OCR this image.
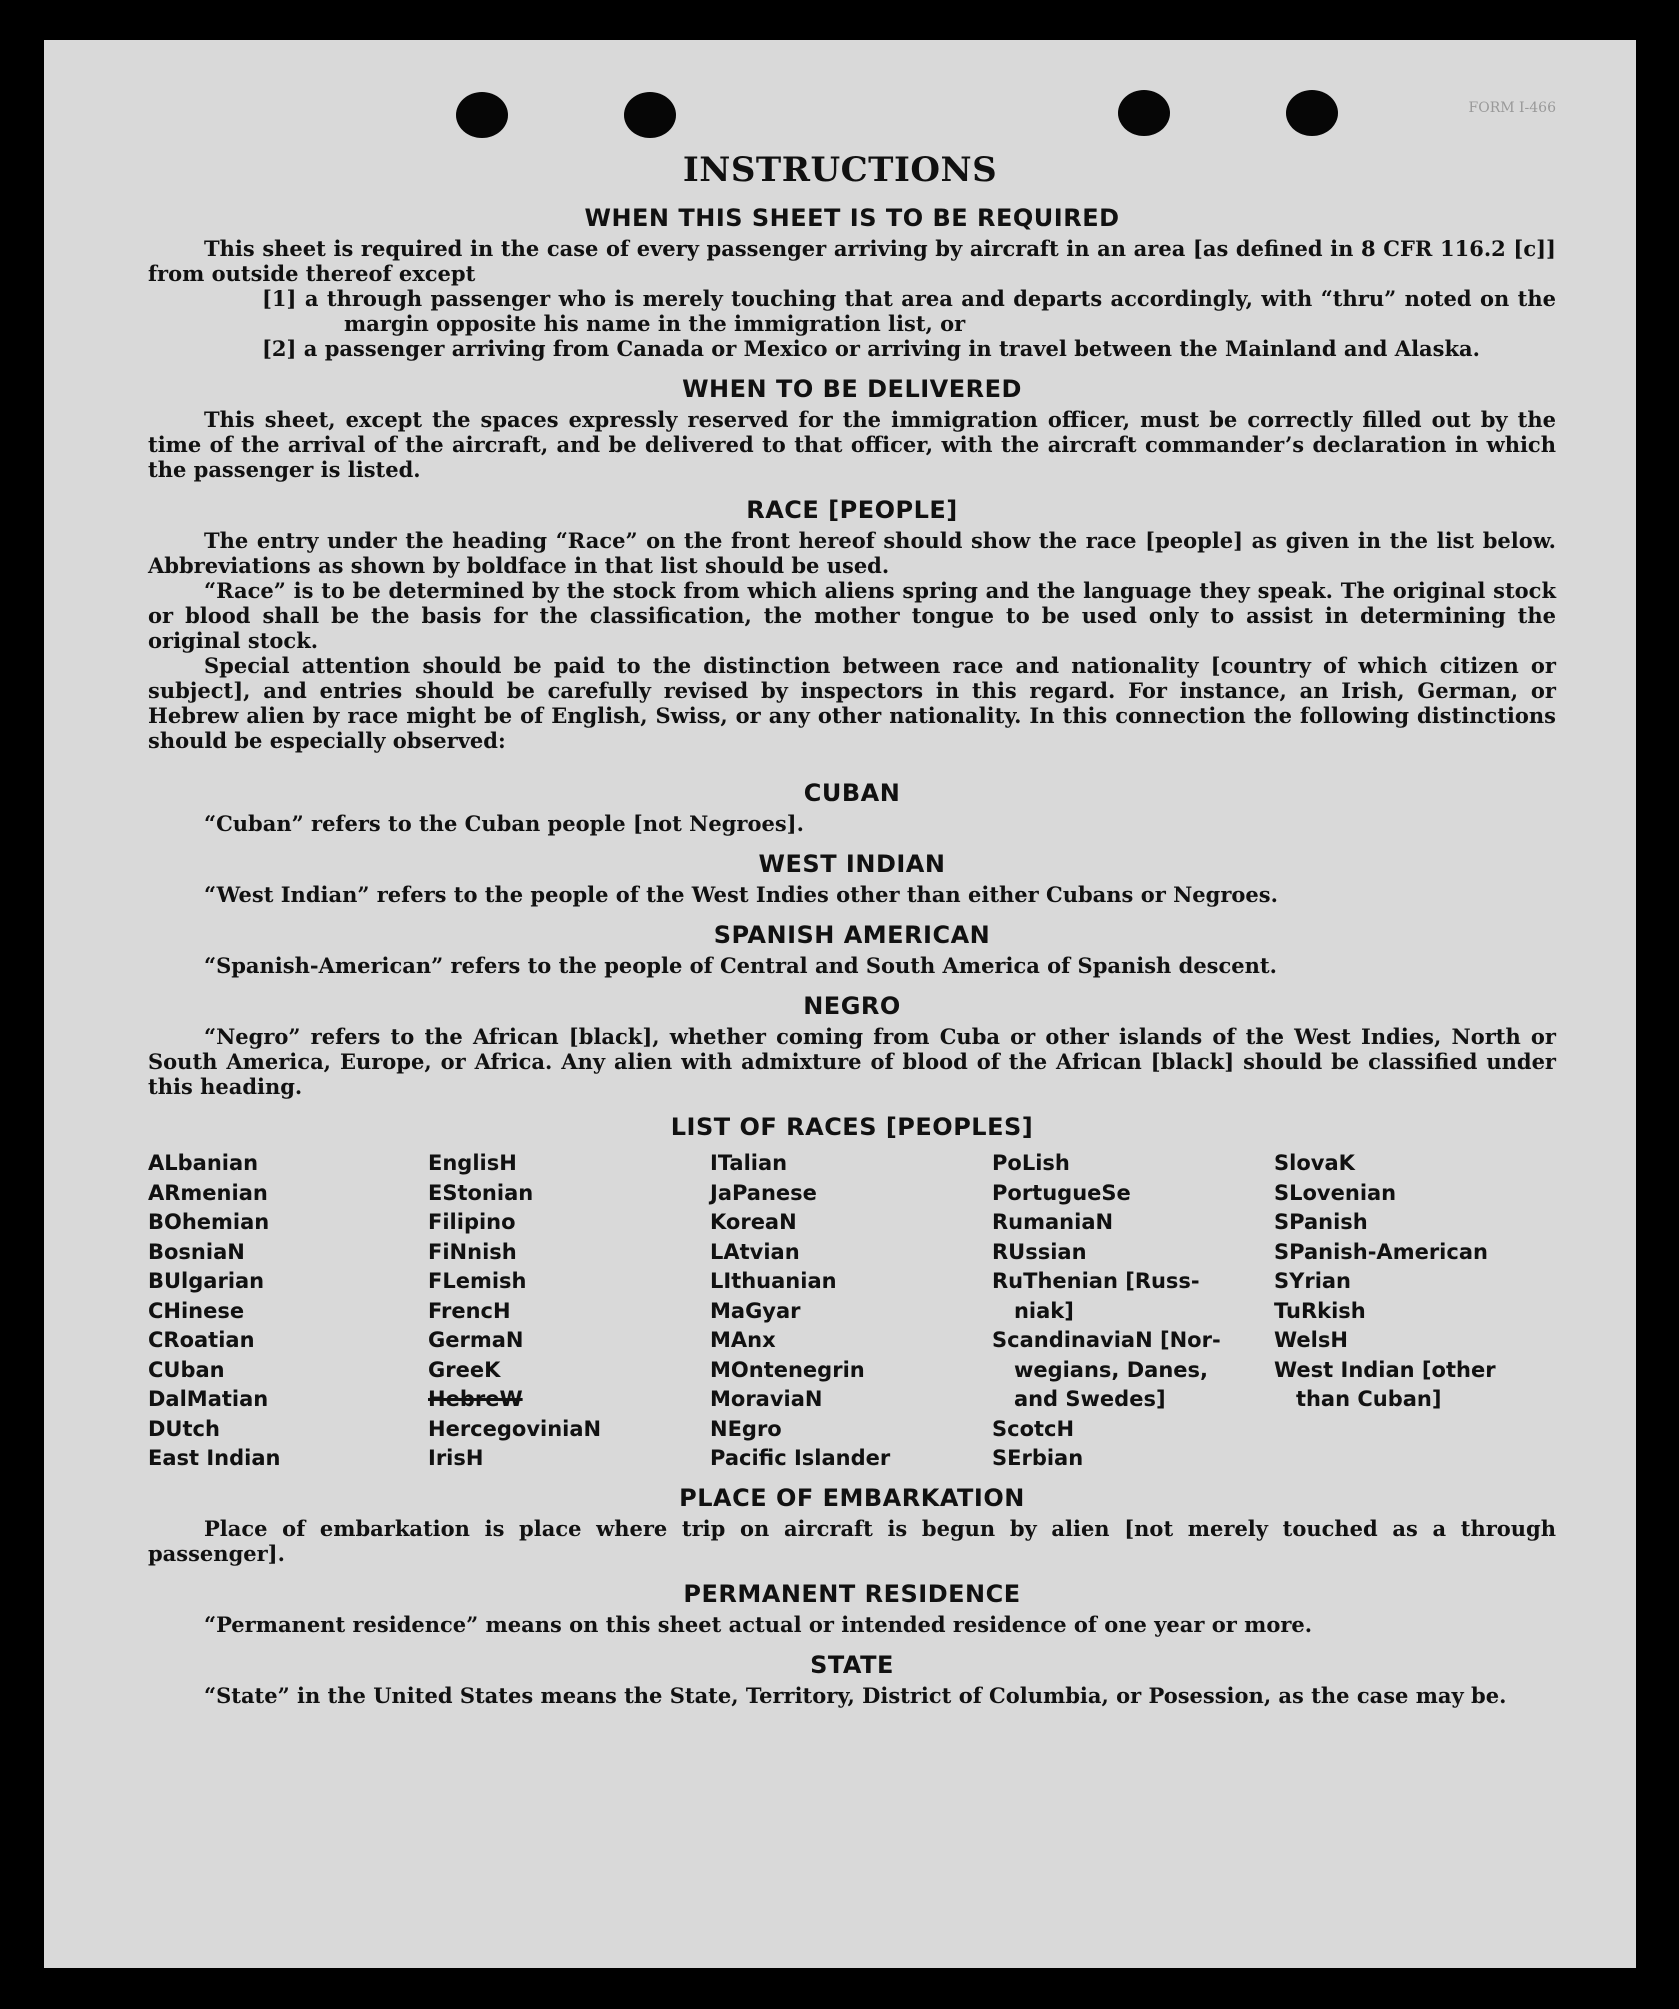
FORM I-466
INSTRUCTIONS

WHEN THIS SHEET IS TO BE REQUIRED

This sheet is required in the case of every passenger arriving by aircraft in an area [as defined in 8 CFR 116.2 [c]] from outside thereof except

[1] a through passenger who is merely touching that area and departs accordingly, with “thru” noted on the margin opposite his name in the immigration list, or

[2] a passenger arriving from Canada or Mexico or arriving in travel between the Mainland and Alaska.

WHEN TO BE DELIVERED

This sheet, except the spaces expressly reserved for the immigration officer, must be correctly filled out by the time of the arrival of the aircraft, and be delivered to that officer, with the aircraft commander’s declaration in which the passenger is listed.

RACE [PEOPLE]

The entry under the heading “Race” on the front hereof should show the race [people] as given in the list below. Abbreviations as shown by boldface in that list should be used.

“Race” is to be determined by the stock from which aliens spring and the language they speak. The original stock or blood shall be the basis for the classification, the mother tongue to be used only to assist in determining the original stock.

Special attention should be paid to the distinction between race and nationality [country of which citizen or subject], and entries should be carefully revised by inspectors in this regard. For instance, an Irish, German, or Hebrew alien by race might be of English, Swiss, or any other nationality. In this connection the following distinctions should be especially observed:

CUBAN

“Cuban” refers to the Cuban people [not Negroes].

WEST INDIAN

“West Indian” refers to the people of the West Indies other than either Cubans or Negroes.

SPANISH AMERICAN

“Spanish-American” refers to the people of Central and South America of Spanish descent.

NEGRO

“Negro” refers to the African [black], whether coming from Cuba or other islands of the West Indies, North or South America, Europe, or Africa. Any alien with admixture of blood of the African [black] should be classified under this heading.

LIST OF RACES [PEOPLES]

ALbanian
ARmenian
BOhemian
BosniaN
BUlgarian
CHinese
CRoatian
CUban
DalMatian
DUtch
East Indian
EnglisH
EStonian
Filipino
FiNnish
FLemish
FrencH
GermaN
GreeK
HebreW
HercegoviniaN
IrisH
ITalian
JaPanese
KoreaN
LAtvian
LIthuanian
MaGyar
MAnx
MOntenegrin
MoraviaN
NEgro
Pacific Islander
PoLish
PortugueSe
RumaniaN
RUssian
RuThenian [Russ-
niak]
ScandinaviaN [Nor-
wegians, Danes,
and Swedes]
ScotcH
SErbian
SlovaK
SLovenian
SPanish
SPanish-American
SYrian
TuRkish
WelsH
West Indian [other
than Cuban]

PLACE OF EMBARKATION

Place of embarkation is place where trip on aircraft is begun by alien [not merely touched as a through passenger].

PERMANENT RESIDENCE

“Permanent residence” means on this sheet actual or intended residence of one year or more.

STATE

“State” in the United States means the State, Territory, District of Columbia, or Posession, as the case may be.
